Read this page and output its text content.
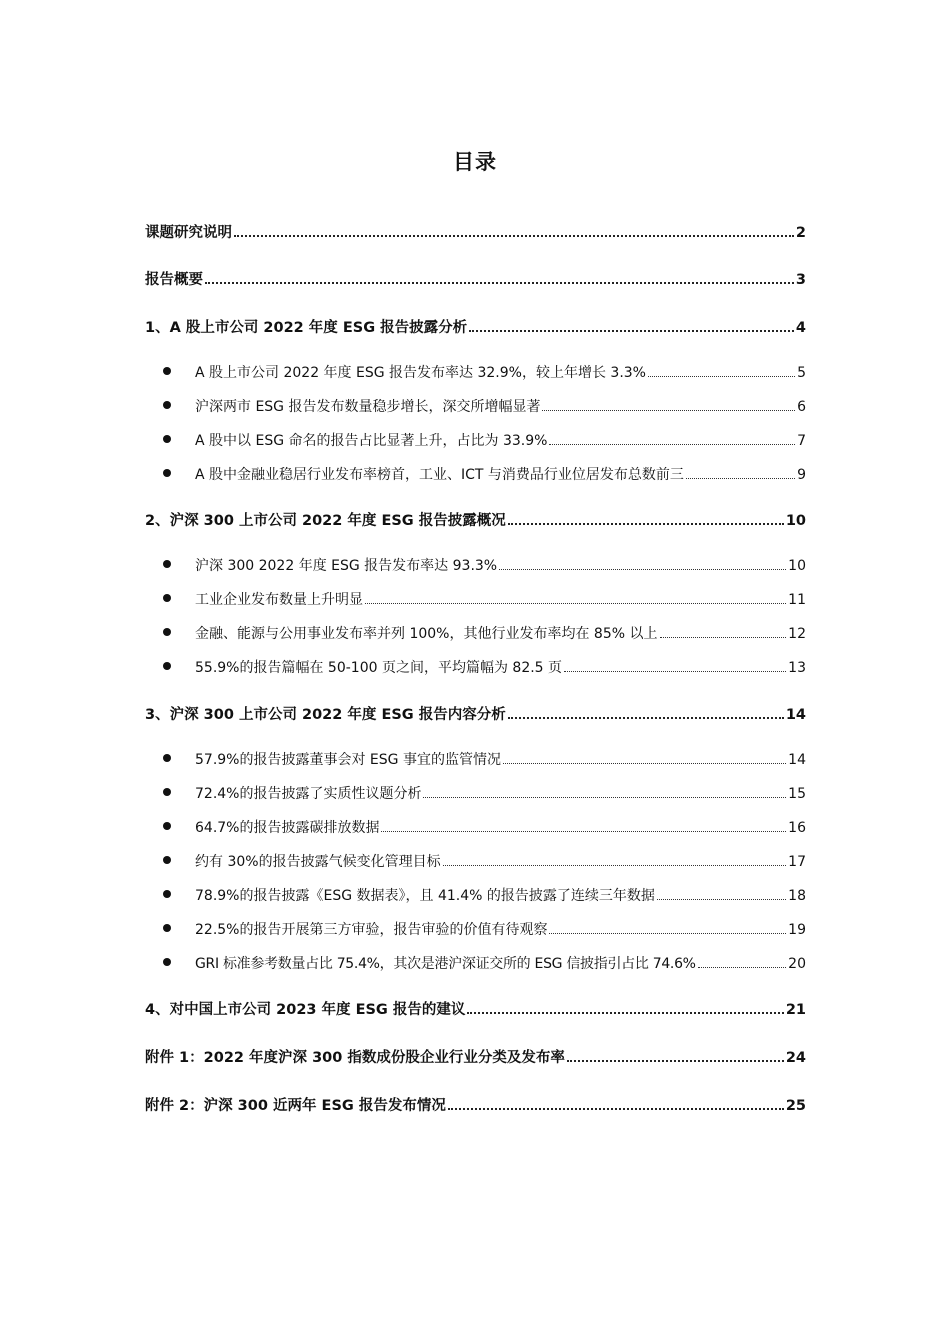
目录
课题研究说明	2
报告概要	3
1、A 股上市公司 2022 年度 ESG 报告披露分析	4
A 股上市公司 2022 年度 ESG 报告发布率达 32.9%，较上年增长 3.3%	5
沪深两市 ESG 报告发布数量稳步增长，深交所增幅显著	6
A 股中以 ESG 命名的报告占比显著上升，占比为 33.9%	7
A 股中金融业稳居行业发布率榜首，工业、ICT 与消费品行业位居发布总数前三	9
2、沪深 300 上市公司 2022 年度 ESG 报告披露概况	10
沪深 300 2022 年度 ESG 报告发布率达 93.3%	10
工业企业发布数量上升明显	11
金融、能源与公用事业发布率并列 100%，其他行业发布率均在 85% 以上	12
55.9%的报告篇幅在 50-100 页之间，平均篇幅为 82.5 页	13
3、沪深 300 上市公司 2022 年度 ESG 报告内容分析	14
57.9%的报告披露董事会对 ESG 事宜的监管情况	14
72.4%的报告披露了实质性议题分析	15
64.7%的报告披露碳排放数据	16
约有 30%的报告披露气候变化管理目标	17
78.9%的报告披露《ESG 数据表》，且 41.4% 的报告披露了连续三年数据	18
22.5%的报告开展第三方审验，报告审验的价值有待观察	19
GRI 标准参考数量占比 75.4%，其次是港沪深证交所的 ESG 信披指引占比 74.6%	20
4、对中国上市公司 2023 年度 ESG 报告的建议	21
附件 1：2022 年度沪深 300 指数成份股企业行业分类及发布率	24
附件 2：沪深 300 近两年 ESG 报告发布情况	25
